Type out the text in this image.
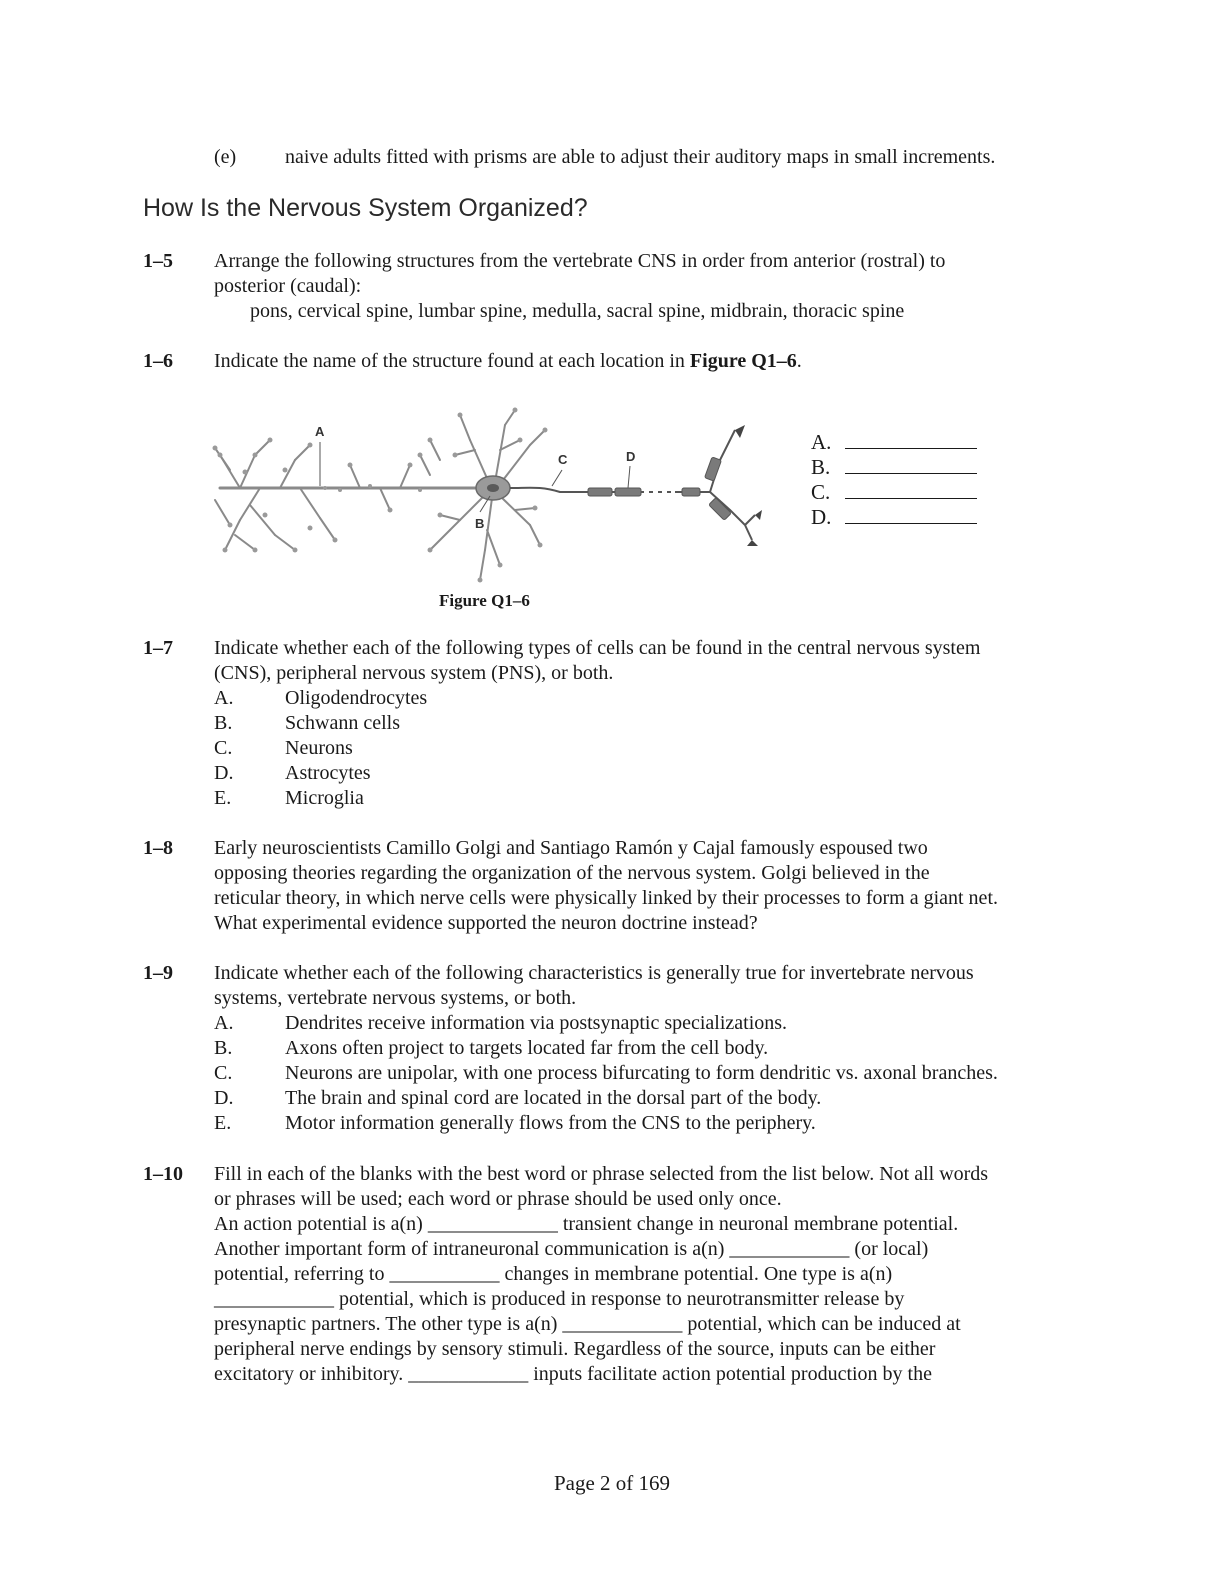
(e) naive adults fitted with prisms are able to adjust their auditory maps in small increments.
How Is the Nervous System Organized?
1–5 Arrange the following structures from the vertebrate CNS in order from anterior (rostral) to

posterior (caudal):

pons, cervical spine, lumbar spine, medulla, sacral spine, midbrain, thoracic spine

1–6 Indicate the name of the structure found at each location in Figure Q1–6.
A
B
C	D
A.
B.
C.
D.
Figure Q1–6
1–7 Indicate whether each of the following types of cells can be found in the central nervous system

(CNS), peripheral nervous system (PNS), or both.

A.	Oligodendrocytes
B.	Schwann cells
C.	Neurons
D.	Astrocytes
E.	Microglia
1–8 Early neuroscientists Camillo Golgi and Santiago Ramón y Cajal famously espoused two

opposing theories regarding the organization of the nervous system. Golgi believed in the

reticular theory, in which nerve cells were physically linked by their processes to form a giant net.

What experimental evidence supported the neuron doctrine instead?

1–9 Indicate whether each of the following characteristics is generally true for invertebrate nervous

systems, vertebrate nervous systems, or both.

A.	Dendrites receive information via postsynaptic specializations.
B.	Axons often project to targets located far from the cell body.
C.	Neurons are unipolar, with one process bifurcating to form dendritic vs. axonal branches.
D.	The brain and spinal cord are located in the dorsal part of the body.
E.	Motor information generally flows from the CNS to the periphery.
1–10 Fill in each of the blanks with the best word or phrase selected from the list below. Not all words

or phrases will be used; each word or phrase should be used only once.

An action potential is a(n) _____________ transient change in neuronal membrane potential.

Another important form of intraneuronal communication is a(n) ____________ (or local)

potential, referring to ___________ changes in membrane potential. One type is a(n)

____________ potential, which is produced in response to neurotransmitter release by

presynaptic partners. The other type is a(n) ____________ potential, which can be induced at

peripheral nerve endings by sensory stimuli. Regardless of the source, inputs can be either

excitatory or inhibitory. ____________ inputs facilitate action potential production by the

Page 2 of 169
